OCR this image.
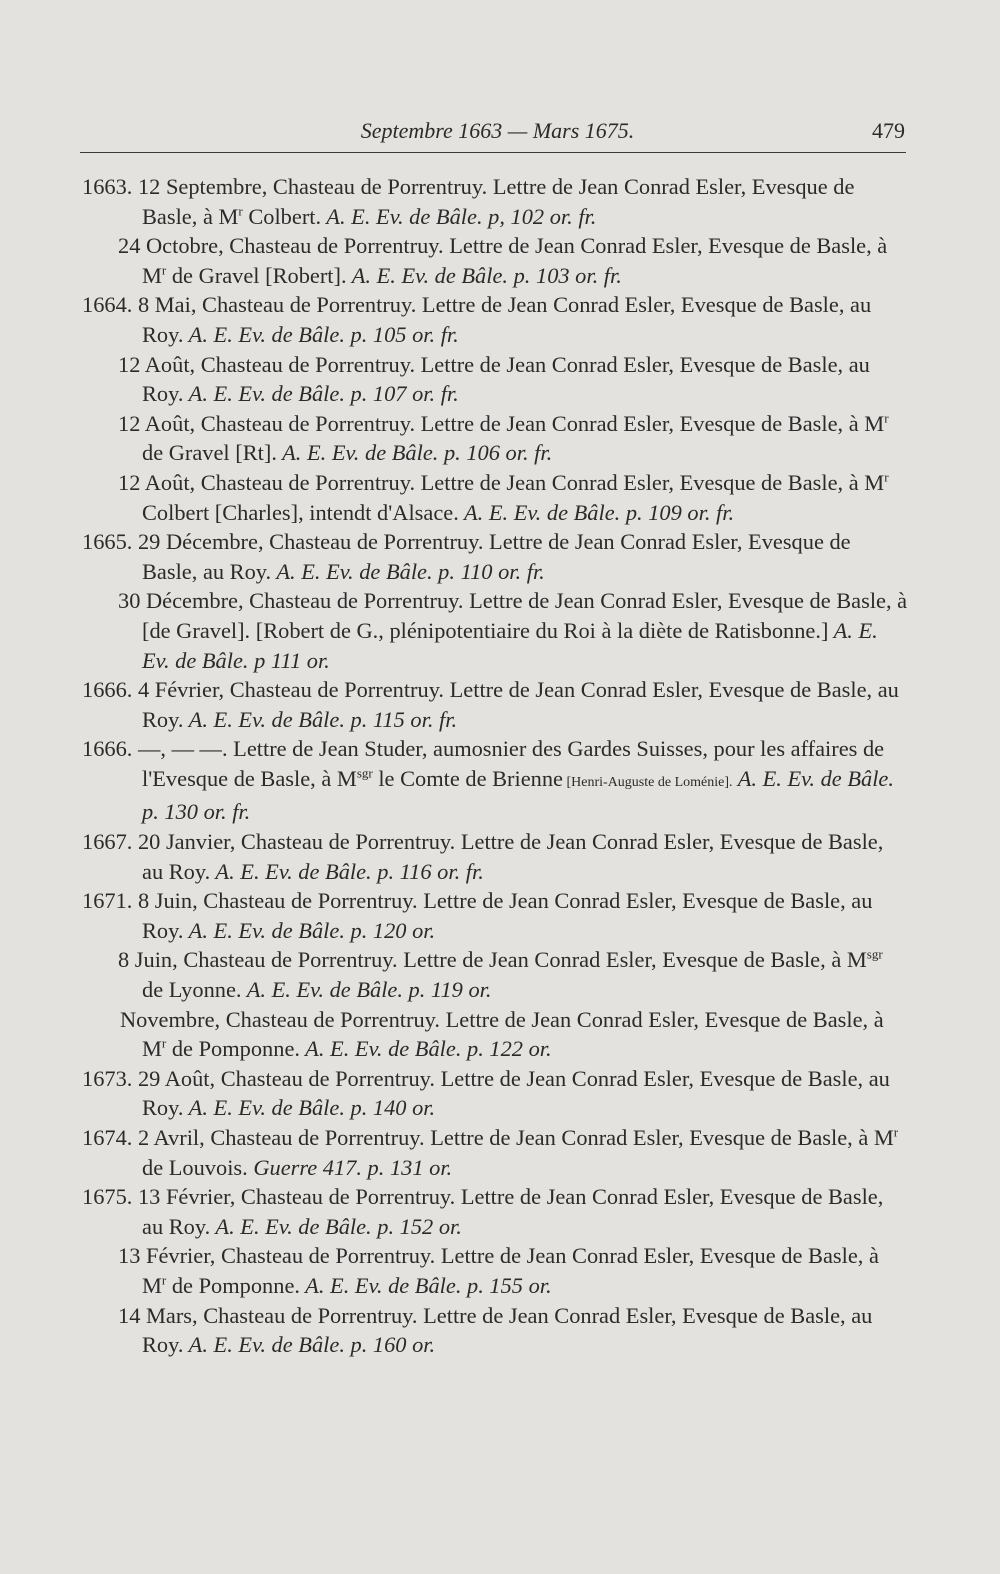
Septembre 1663 — Mars 1675.	479

1663. 12 Septembre, Chasteau de Porrentruy. Lettre de Jean Conrad Esler, Evesque de Basle, à $M^r$ Colbert. A. E. Ev. de Bâle. p, 102 or. fr.

24 Octobre, Chasteau de Porrentruy. Lettre de Jean Conrad Esler, Evesque de Basle, à $M^r$ de Gravel [Robert]. A. E. Ev. de Bâle. p. 103 or. fr.

1664. 8 Mai, Chasteau de Porrentruy. Lettre de Jean Conrad Esler, Evesque de Basle, au Roy. A. E. Ev. de Bâle. p. 105 or. fr.

12 Août, Chasteau de Porrentruy. Lettre de Jean Conrad Esler, Evesque de Basle, au Roy. A. E. Ev. de Bâle. p. 107 or. fr.

12 Août, Chasteau de Porrentruy. Lettre de Jean Conrad Esler, Evesque de Basle, à $M^r$ de Gravel [Rt]. A. E. Ev. de Bâle. p. 106 or. fr.

12 Août, Chasteau de Porrentruy. Lettre de Jean Conrad Esler, Evesque de Basle, à $M^r$ Colbert [Charles], intendt d'Alsace. A. E. Ev. de Bâle. p. 109 or. fr.

1665. 29 Décembre, Chasteau de Porrentruy. Lettre de Jean Conrad Esler, Evesque de Basle, au Roy. A. E. Ev. de Bâle. p. 110 or. fr.

30 Décembre, Chasteau de Porrentruy. Lettre de Jean Conrad Esler, Evesque de Basle, à [de Gravel]. [Robert de G., plénipotentiaire du Roi à la diète de Ratisbonne.] A. E. Ev. de Bâle. p 111 or.

1666. 4 Février, Chasteau de Porrentruy. Lettre de Jean Conrad Esler, Evesque de Basle, au Roy. A. E. Ev. de Bâle. p. 115 or. fr.

1666. —, — —. Lettre de Jean Studer, aumosnier des Gardes Suisses, pour les affaires de l'Evesque de Basle, à $M^{sgr}$ le Comte de Brienne [Henri-Auguste de Loménie]. A. E. Ev. de Bâle. p. 130 or. fr.

1667. 20 Janvier, Chasteau de Porrentruy. Lettre de Jean Conrad Esler, Evesque de Basle, au Roy. A. E. Ev. de Bâle. p. 116 or. fr.

1671. 8 Juin, Chasteau de Porrentruy. Lettre de Jean Conrad Esler, Evesque de Basle, au Roy. A. E. Ev. de Bâle. p. 120 or.

8 Juin, Chasteau de Porrentruy. Lettre de Jean Conrad Esler, Evesque de Basle, à $M^{sgr}$ de Lyonne. A. E. Ev. de Bâle. p. 119 or.

Novembre, Chasteau de Porrentruy. Lettre de Jean Conrad Esler, Evesque de Basle, à $M^r$ de Pomponne. A. E. Ev. de Bâle. p. 122 or.

1673. 29 Août, Chasteau de Porrentruy. Lettre de Jean Conrad Esler, Evesque de Basle, au Roy. A. E. Ev. de Bâle. p. 140 or.

1674. 2 Avril, Chasteau de Porrentruy. Lettre de Jean Conrad Esler, Evesque de Basle, à $M^r$ de Louvois. Guerre 417. p. 131 or.

1675. 13 Février, Chasteau de Porrentruy. Lettre de Jean Conrad Esler, Evesque de Basle, au Roy. A. E. Ev. de Bâle. p. 152 or.

13 Février, Chasteau de Porrentruy. Lettre de Jean Conrad Esler, Evesque de Basle, à $M^r$ de Pomponne. A. E. Ev. de Bâle. p. 155 or.

14 Mars, Chasteau de Porrentruy. Lettre de Jean Conrad Esler, Evesque de Basle, au Roy. A. E. Ev. de Bâle. p. 160 or.
